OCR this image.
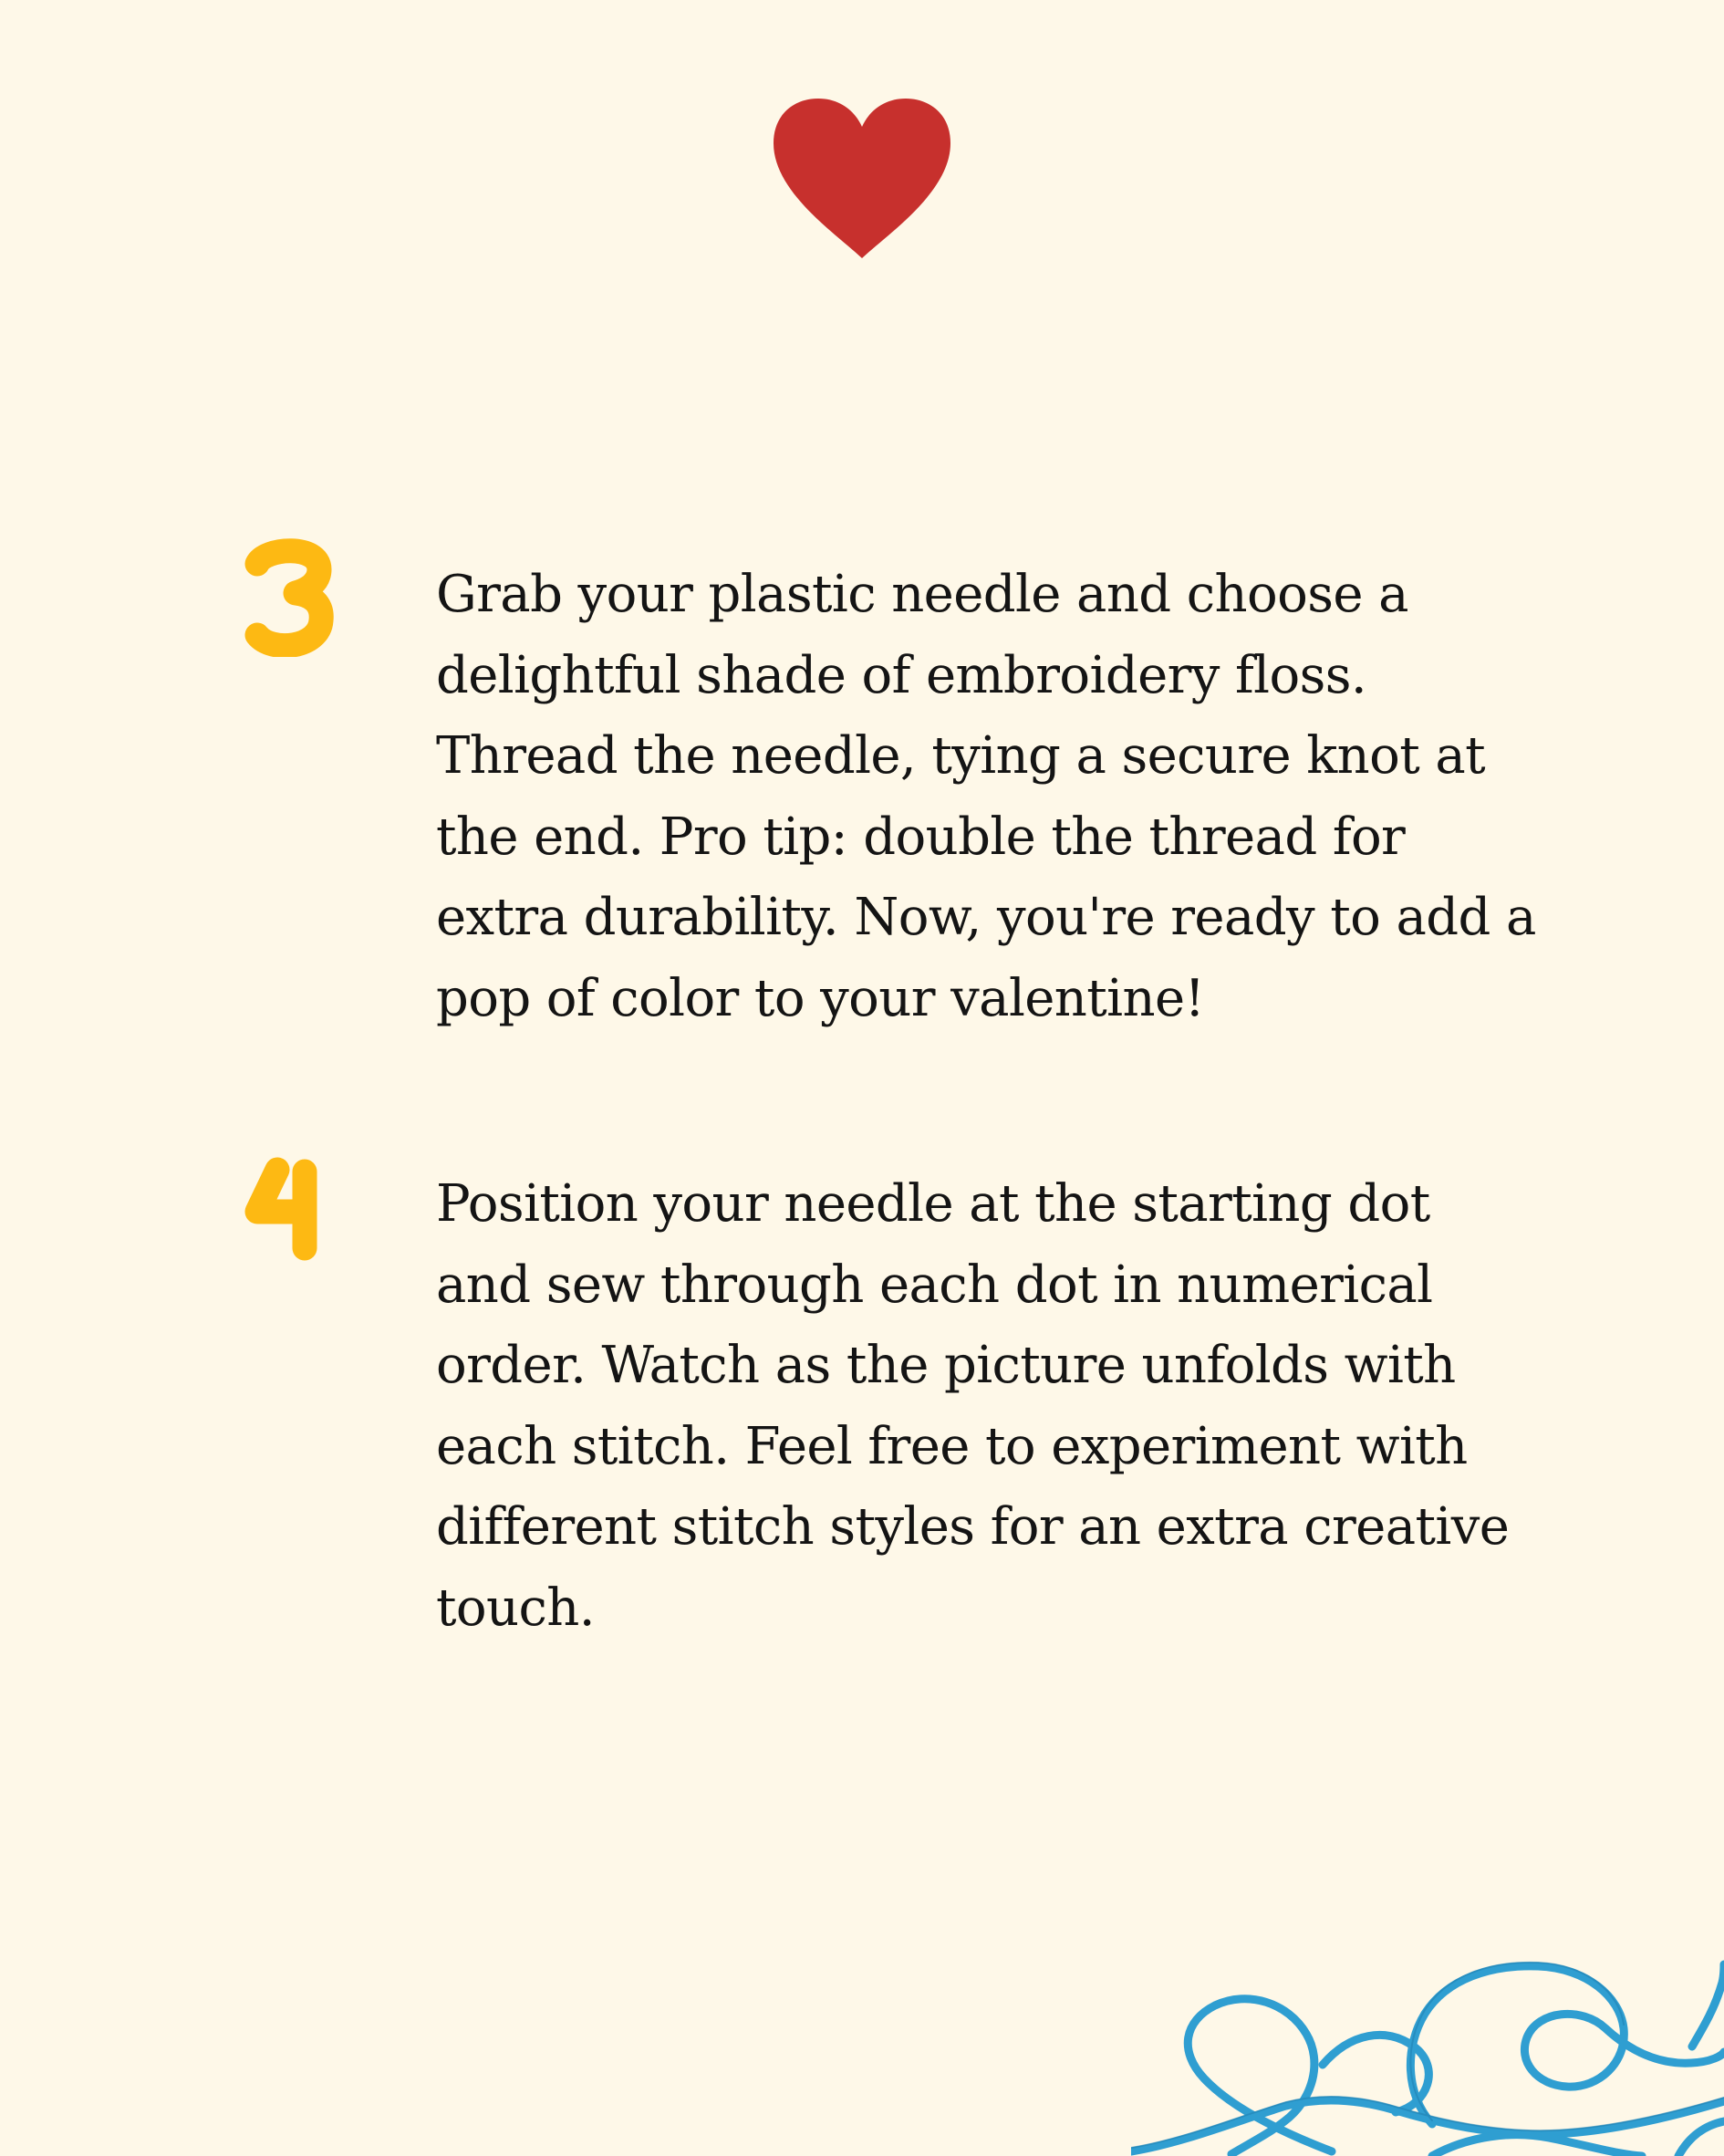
Grab your plastic needle and choose a
delightful shade of embroidery floss.
Thread the needle, tying a secure knot at
the end. Pro tip: double the thread for
extra durability. Now, you're ready to add a
pop of color to your valentine!

Position your needle at the starting dot
and sew through each dot in numerical
order. Watch as the picture unfolds with
each stitch. Feel free to experiment with
different stitch styles for an extra creative
touch.
